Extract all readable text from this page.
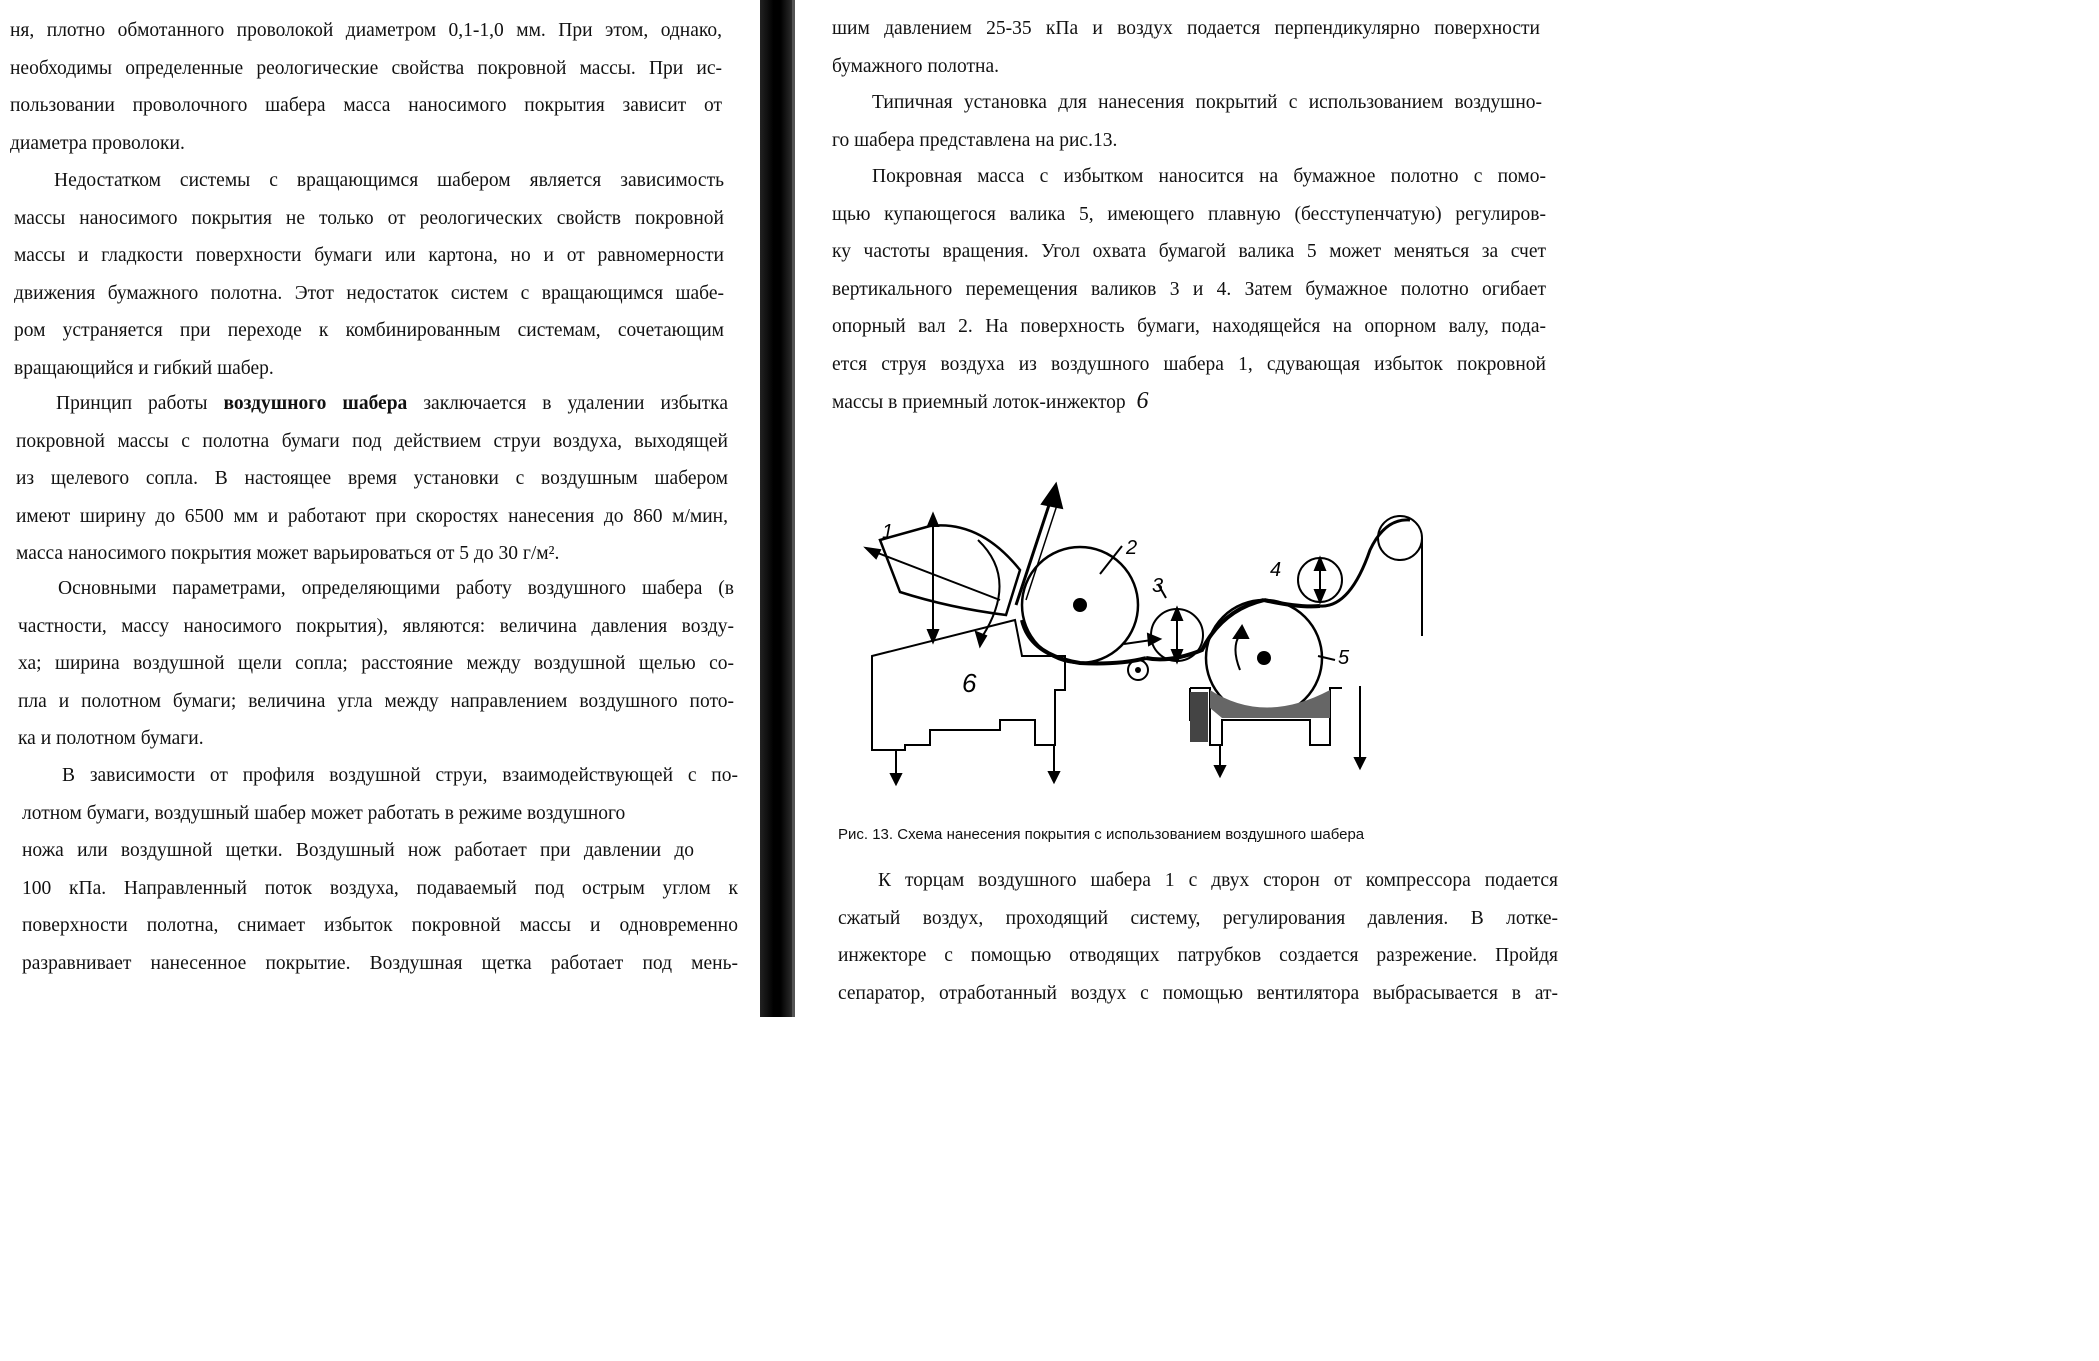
ня, плотно обмотанного проволокой диаметром 0,1-1,0 мм. При этом, однако,
необходимы определенные реологические свойства покровной массы. При ис-
пользовании проволочного шабера масса наносимого покрытия зависит от
диаметра проволоки.
Недостатком системы с вращающимся шабером является зависимость
массы наносимого покрытия не только от реологических свойств покровной
массы и гладкости поверхности бумаги или картона, но и от равномерности
движения бумажного полотна. Этот недостаток систем с вращающимся шабе-
ром устраняется при переходе к комбинированным системам, сочетающим
вращающийся и гибкий шабер.
Принцип работы воздушного шабера заключается в удалении избытка
покровной массы с полотна бумаги под действием струи воздуха, выходящей
из щелевого сопла. В настоящее время установки с воздушным шабером
имеют ширину до 6500 мм и работают при скоростях нанесения до 860 м/мин,
масса наносимого покрытия может варьироваться от 5 до 30 г/м².
Основными параметрами, определяющими работу воздушного шабера (в
частности, массу наносимого покрытия), являются: величина давления возду-
ха; ширина воздушной щели сопла; расстояние между воздушной щелью со-
пла и полотном бумаги; величина угла между направлением воздушного пото-
ка и полотном бумаги.
В зависимости от профиля воздушной струи, взаимодействующей с по-
лотном бумаги, воздушный шабер может работать в режиме воздушного
ножа или воздушной щетки. Воздушный нож работает при давлении до
100 кПа. Направленный поток воздуха, подаваемый под острым углом к
поверхности полотна, снимает избыток покровной массы и одновременно
разравнивает нанесенное покрытие. Воздушная щетка работает под мень-
шим давлением 25-35 кПа и воздух подается перпендикулярно поверхности
бумажного полотна.
Типичная установка для нанесения покрытий с использованием воздушно-
го шабера представлена на рис.13.
Покровная масса с избытком наносится на бумажное полотно с помо-
щью купающегося валика 5, имеющего плавную (бесступенчатую) регулиров-
ку частоты вращения. Угол охвата бумагой валика 5 может меняться за счет
вертикального перемещения валиков 3 и 4. Затем бумажное полотно огибает
опорный вал 2. На поверхность бумаги, находящейся на опорном валу, пода-
ется струя воздуха из воздушного шабера 1, сдувающая избыток покровной
массы в приемный лоток-инжектор 6
1
2
3
4
5
6
Рис. 13. Схема нанесения покрытия с использованием воздушного шабера
К торцам воздушного шабера 1 с двух сторон от компрессора подается
сжатый воздух, проходящий систему, регулирования давления. В лотке-
инжекторе с помощью отводящих патрубков создается разрежение. Пройдя
сепаратор, отработанный воздух с помощью вентилятора выбрасывается в ат-
